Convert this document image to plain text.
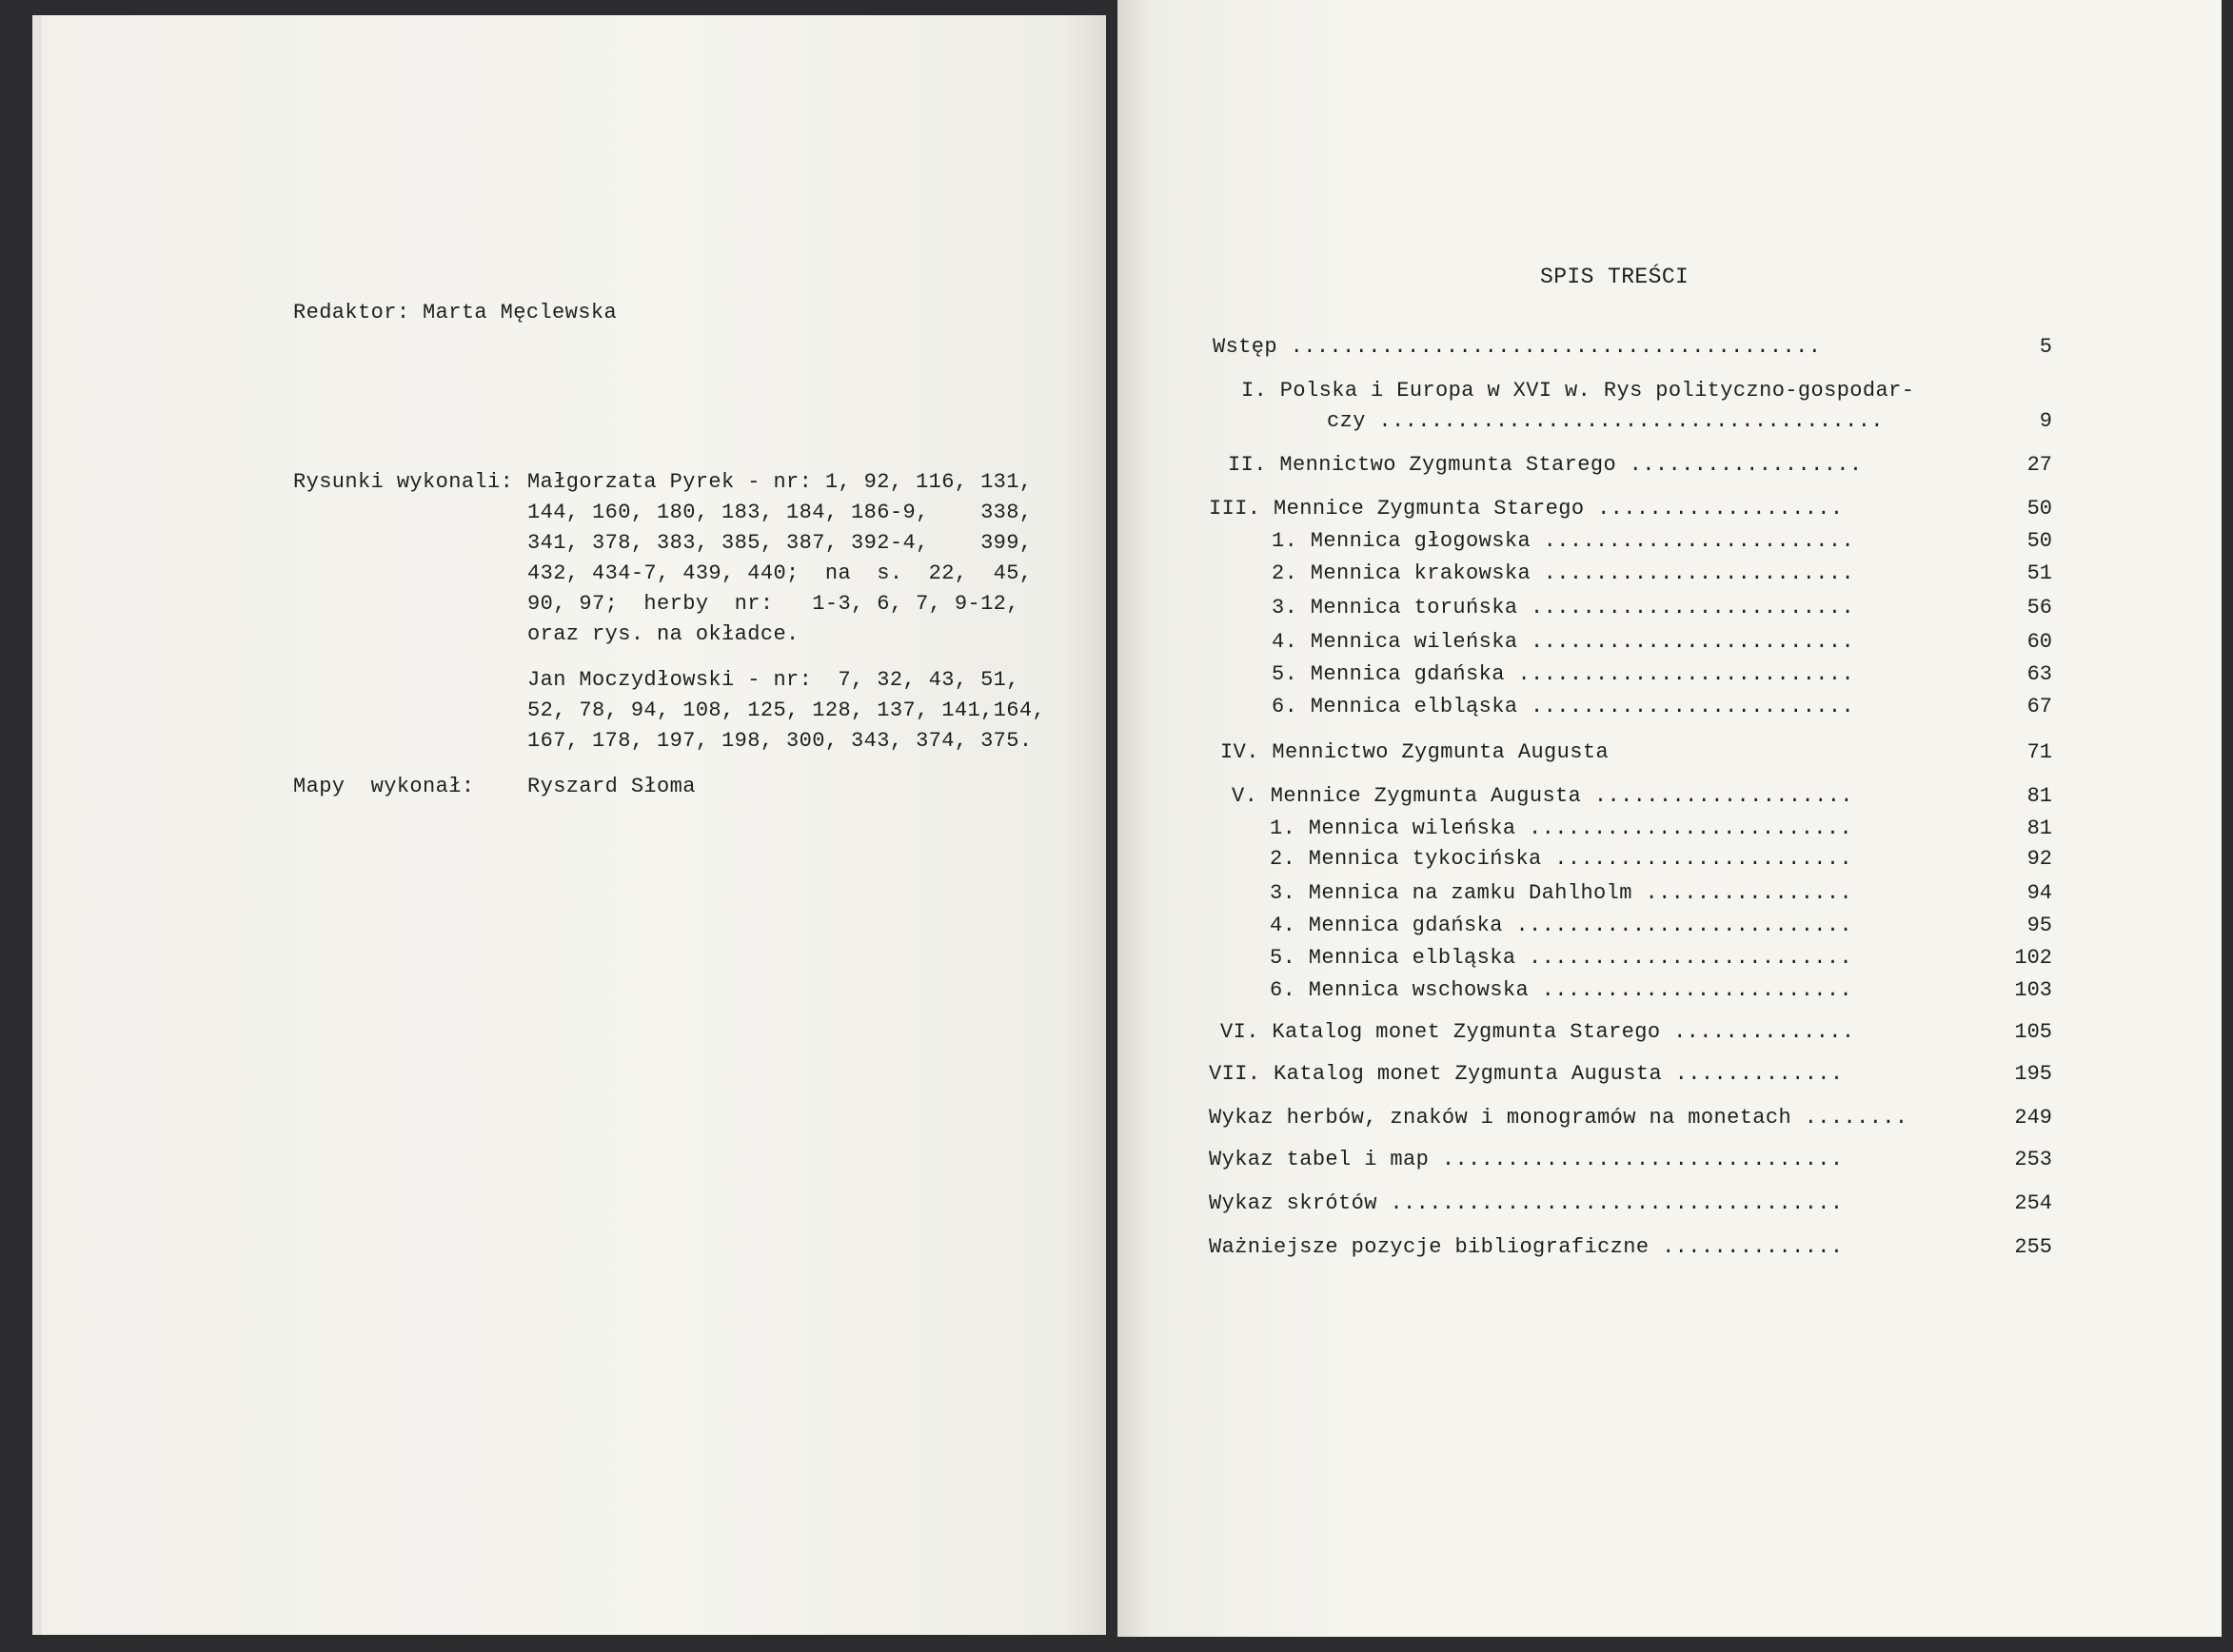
Redaktor: Marta Męclewska
Rysunki wykonali: Małgorzata Pyrek - nr: 1, 92, 116, 131,
144, 160, 180, 183, 184, 186-9,    338,
341, 378, 383, 385, 387, 392-4,    399,
432, 434-7, 439, 440;  na  s.  22,  45,
90, 97;  herby  nr:   1-3, 6, 7, 9-12,
oraz rys. na okładce.
Jan Moczydłowski - nr:  7, 32, 43, 51,
52, 78, 94, 108, 125, 128, 137, 141,164,
167, 178, 197, 198, 300, 343, 374, 375.
Mapy  wykonał:	Ryszard Słoma
SPIS TREŚCI
Wstęp .........................................	5
I. Polska i Europa w XVI w. Rys polityczno-gospodar-
czy .......................................	9
II. Mennictwo Zygmunta Starego ..................	27
III. Mennice Zygmunta Starego ...................	50
1. Mennica głogowska ........................	50
2. Mennica krakowska ........................	51
3. Mennica toruńska .........................	56
4. Mennica wileńska .........................	60
5. Mennica gdańska ..........................	63
6. Mennica elbląska .........................	67
IV. Mennictwo Zygmunta Augusta	71
V. Mennice Zygmunta Augusta ....................	81
1. Mennica wileńska .........................	81
2. Mennica tykocińska .......................	92
3. Mennica na zamku Dahlholm ................	94
4. Mennica gdańska ..........................	95
5. Mennica elbląska .........................	102
6. Mennica wschowska ........................	103
VI. Katalog monet Zygmunta Starego ..............	105
VII. Katalog monet Zygmunta Augusta .............	195
Wykaz herbów, znaków i monogramów na monetach ........	249
Wykaz tabel i map ...............................	253
Wykaz skrótów ...................................	254
Ważniejsze pozycje bibliograficzne ..............	255
